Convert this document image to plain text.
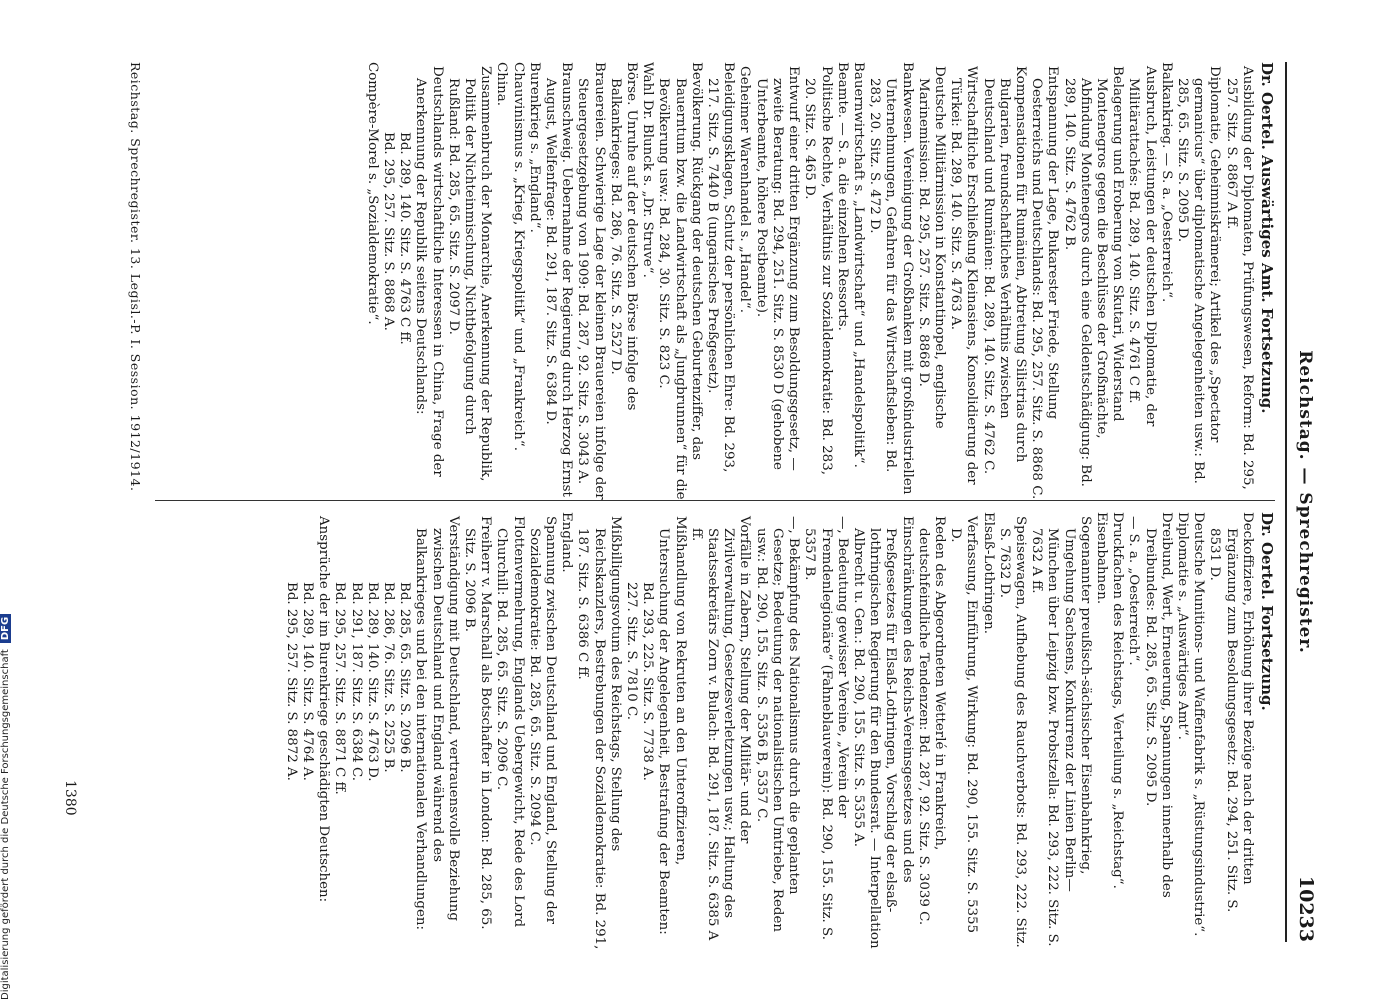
Reichstag. — Sprechregister.
10233

Dr. Oertel. Auswärtiges Amt. Fortsetzung.

Ausbildung der Diplomaten, Prüfungswesen, Reform: Bd. 295, 257. Sitz. S. 8867 A ff.

Diplomatie, Geheimniskrämerei; Artikel des „Spectator germanicus“ über diplomatische Angelegenheiten usw.: Bd. 285, 65. Sitz. S. 2095 D.

Balkankrieg. — S. a. „Oesterreich“.

Ausbruch, Leistungen der deutschen Diplomatie, der Militärattachés: Bd. 289, 140. Sitz. S. 4761 C ff.

Belagerung und Eroberung von Skutari, Widerstand Montenegros gegen die Beschlüsse der Großmächte, Abfindung Montenegros durch eine Geldentschädigung: Bd. 289, 140. Sitz. S. 4762 B.

Entspannung der Lage, Bukarester Friede, Stellung Oesterreichs und Deutschlands: Bd. 295, 257. Sitz. S. 8868 C.

Kompensationen für Rumänien, Abtretung Silistrias durch Bulgarien, freundschaftliches Verhältnis zwischen Deutschland und Rumänien: Bd. 289, 140. Sitz. S. 4762 C.

Wirtschaftliche Erschließung Kleinasiens, Konsolidierung der Türkei: Bd. 289, 140. Sitz. S. 4763 A.

Deutsche Militärmission in Konstantinopel, englische Marinemission: Bd. 295, 257. Sitz. S. 8868 D.

Bankwesen. Vereinigung der Großbanken mit großindustriellen Unternehmungen, Gefahren für das Wirtschaftsleben: Bd. 283, 20. Sitz. S. 472 D.

Bauernwirtschaft s. „Landwirtschaft“ und „Handelspolitik“.

Beamte. — S. a. die einzelnen Ressorts.

Politische Rechte, Verhältnis zur Sozialdemokratie: Bd. 283, 20. Sitz. S. 465 D.

Entwurf einer dritten Ergänzung zum Besoldungsgesetz, — zweite Beratung: Bd. 294, 251. Sitz. S. 8530 D (gehobene Unterbeamte, höhere Postbeamte).

Geheimer Warenhandel s. „Handel“.

Beleidigungsklagen, Schutz der persönlichen Ehre: Bd. 293, 217. Sitz. S. 7440 B (ungarisches Preßgesetz).

Bevölkerung. Rückgang der deutschen Geburtenziffer, das Bauerntum bzw. die Landwirtschaft als „Jungbrunnen“ für die Bevölkerung usw.: Bd. 284, 30. Sitz. S. 823 C.

Wahl Dr. Blunck s. „Dr. Struve“.

Börse. Unruhe auf der deutschen Börse infolge des Balkankrieges: Bd. 286, 76. Sitz. S. 2527 D.

Brauereien. Schwierige Lage der kleinen Brauereien infolge der Steuergesetzgebung von 1909: Bd. 287, 92. Sitz. S. 3043 A.

Braunschweig. Uebernahme der Regierung durch Herzog Ernst August, Welfenfrage: Bd. 291, 187. Sitz. S. 6384 D.

Burenkrieg s. „England“.

Chauvinismus s. „Krieg, Kriegspolitik“ und „Frankreich“.

China.

Zusammenbruch der Monarchie, Anerkennung der Republik, Politik der Nichteinmischung, Nichtbefolgung durch Rußland: Bd. 285, 65. Sitz. S. 2097 D.

Deutschlands wirtschaftliche Interessen in China, Frage der Anerkennung der Republik seitens Deutschlands:

Bd. 289, 140. Sitz. S. 4763 C ff.

Bd. 295, 257. Sitz. S. 8868 A.

Compère-Morel s. „Sozialdemokratie“.

Dr. Oertel. Fortsetzung.

Deckoffiziere, Erhöhung ihrer Bezüge nach der dritten Ergänzung zum Besoldungsgesetz: Bd. 294, 251. Sitz. S. 8531 D.

Deutsche Munitions- und Waffenfabrik s. „Rüstungsindustrie“.

Diplomatie s. „Auswärtiges Amt“.

Dreibund, Wert, Erneuerung, Spannungen innerhalb des Dreibundes: Bd. 285, 65. Sitz. S. 2095 D.

— S. a. „Oesterreich“.

Druckfachen des Reichstags, Verteilung s. „Reichstag“.

Eisenbahnen.

Sogenannter preußisch-sächsischer Eisenbahnkrieg, Umgehung Sachsens, Konkurrenz der Linien Berlin—München über Leipzig bzw. Probstzella: Bd. 293, 222. Sitz. S. 7632 A ff.

Speisewagen, Aufhebung des Rauchverbots: Bd. 293, 222. Sitz. S. 7632 D.

Elsaß-Lothringen.

Verfassung, Einführung, Wirkung: Bd. 290, 155. Sitz. S. 5355 D.

Reden des Abgeordneten Wetterlé in Frankreich, deutschfeindliche Tendenzen: Bd. 287, 92. Sitz. S. 3039 C.

Einschränkungen des Reichs-Vereinsgesetzes und des Preßgesetzes für Elsaß-Lothringen, Vorschlag der elsaß-lothringischen Regierung für den Bundesrat. — Interpellation Albrecht u. Gen.: Bd. 290, 155. Sitz. S. 5355 A.

—, Bedeutung gewisser Vereine, „Verein der Fremdenlegionäre“ (Fahneblauverein): Bd. 290, 155. Sitz. S. 5357 B.

—, Bekämpfung des Nationalismus durch die geplanten Gesetze; Bedeutung der nationalistischen Umtriebe, Reden usw.: Bd. 290, 155. Sitz. S. 5356 B, 5357 C.

Vorfälle in Zabern, Stellung der Militär- und der Zivilverwaltung, Gesetzesverletzungen usw.; Haltung des Staatssekretärs Zorn v. Bulach: Bd. 291, 187. Sitz. S. 6385 A ff.

Mißhandlung von Rekruten an den Unteroffizieren, Untersuchung der Angelegenheit, Bestrafung der Beamten:

Bd. 293, 225. Sitz. S. 7738 A.

227. Sitz. S. 7810 C.

Mißbilligungsvotum des Reichstags, Stellung des Reichskanzlers, Bestrebungen der Sozialdemokratie: Bd. 291, 187. Sitz. S. 6386 C ff.

England.

Spannung zwischen Deutschland und England, Stellung der Sozialdemokratie: Bd. 285, 65. Sitz. S. 2094 C.

Flottenvermehrung, Englands Uebergewicht, Rede des Lord Churchill: Bd. 285, 65. Sitz. S. 2096 C.

Freiherr v. Marschall als Botschafter in London: Bd. 285, 65. Sitz. S. 2096 B.

Verständigung mit Deutschland, vertrauensvolle Beziehung zwischen Deutschland und England während des Balkankrieges und bei den internationalen Verhandlungen:

Bd. 285, 65. Sitz. S. 2096 B.

Bd. 286, 76. Sitz. S. 2525 B.

Bd. 289, 140. Sitz. S. 4763 D.

Bd. 291, 187. Sitz. S. 6384 C.

Bd. 295, 257. Sitz. S. 8871 C ff.

Ansprüche der im Burenkriege geschädigten Deutschen:

Bd. 289, 140. Sitz. S. 4764 A.

Bd. 295, 257. Sitz. S. 8872 A.

Reichstag. Sprechregister. 13. Legisl.-P. I. Session. 1912/1914.
1380
Digitalisierung gefördert durch die Deutsche ForschungsgemeinschaftDFG
